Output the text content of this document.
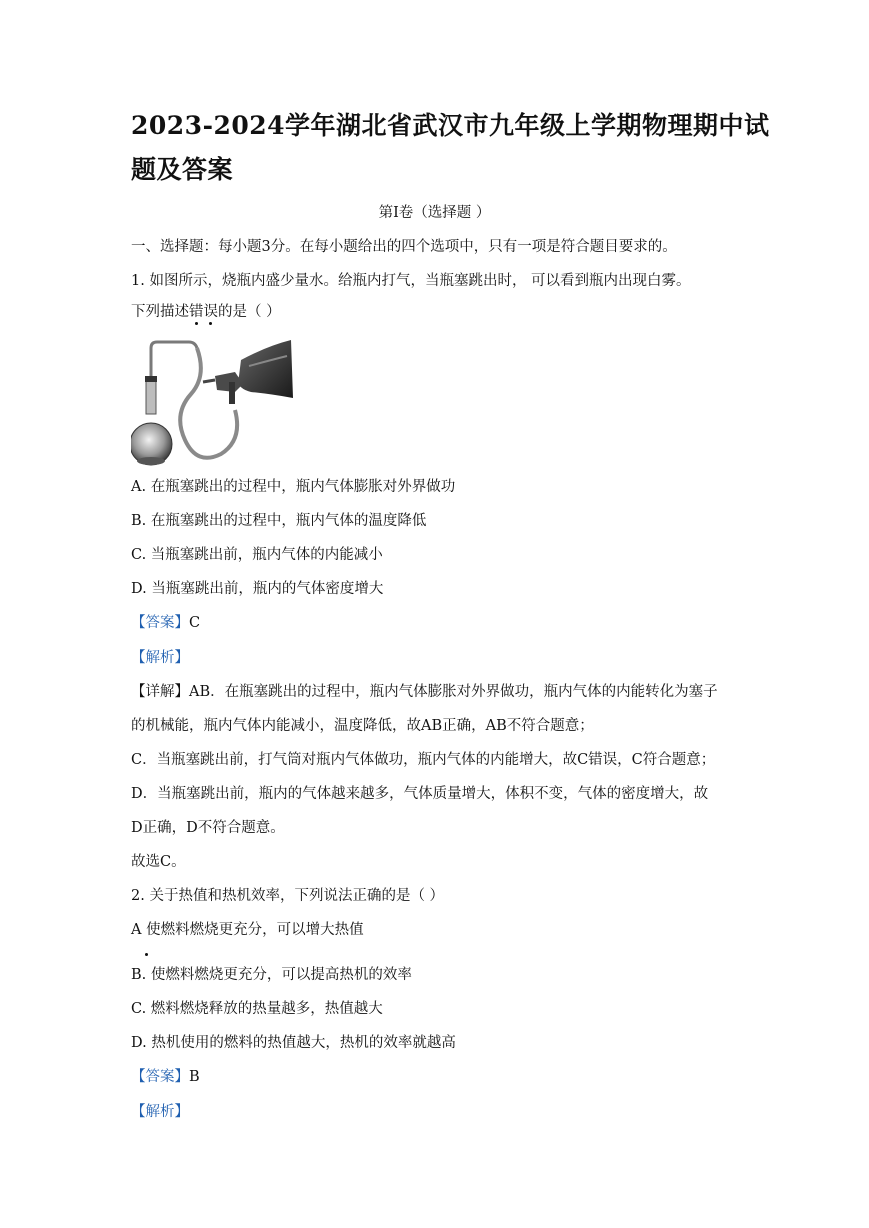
2023-2024学年湖北省武汉市九年级上学期物理期中试题及答案
第Ⅰ卷（选择题 ）
一、选择题：每小题3分。在每小题给出的四个选项中，只有一项是符合题目要求的。
1. 如图所示，烧瓶内盛少量水。给瓶内打气，当瓶塞跳出时， 可以看到瓶内出现白雾。
下列描述错误的是（ ）
A. 在瓶塞跳出的过程中，瓶内气体膨胀对外界做功
B. 在瓶塞跳出的过程中，瓶内气体的温度降低
C. 当瓶塞跳出前，瓶内气体的内能减小
D. 当瓶塞跳出前，瓶内的气体密度增大
【答案】C
【解析】
【详解】AB．在瓶塞跳出的过程中，瓶内气体膨胀对外界做功，瓶内气体的内能转化为塞子
的机械能，瓶内气体内能减小，温度降低，故AB正确，AB不符合题意；
C．当瓶塞跳出前，打气筒对瓶内气体做功，瓶内气体的内能增大，故C错误，C符合题意；
D．当瓶塞跳出前，瓶内的气体越来越多，气体质量增大，体积不变，气体的密度增大，故
D正确，D不符合题意。
故选C。
2. 关于热值和热机效率，下列说法正确的是（ ）
A 使燃料燃烧更充分，可以增大热值
B. 使燃料燃烧更充分，可以提高热机的效率
C. 燃料燃烧释放的热量越多，热值越大
D. 热机使用的燃料的热值越大，热机的效率就越高
【答案】B
【解析】
